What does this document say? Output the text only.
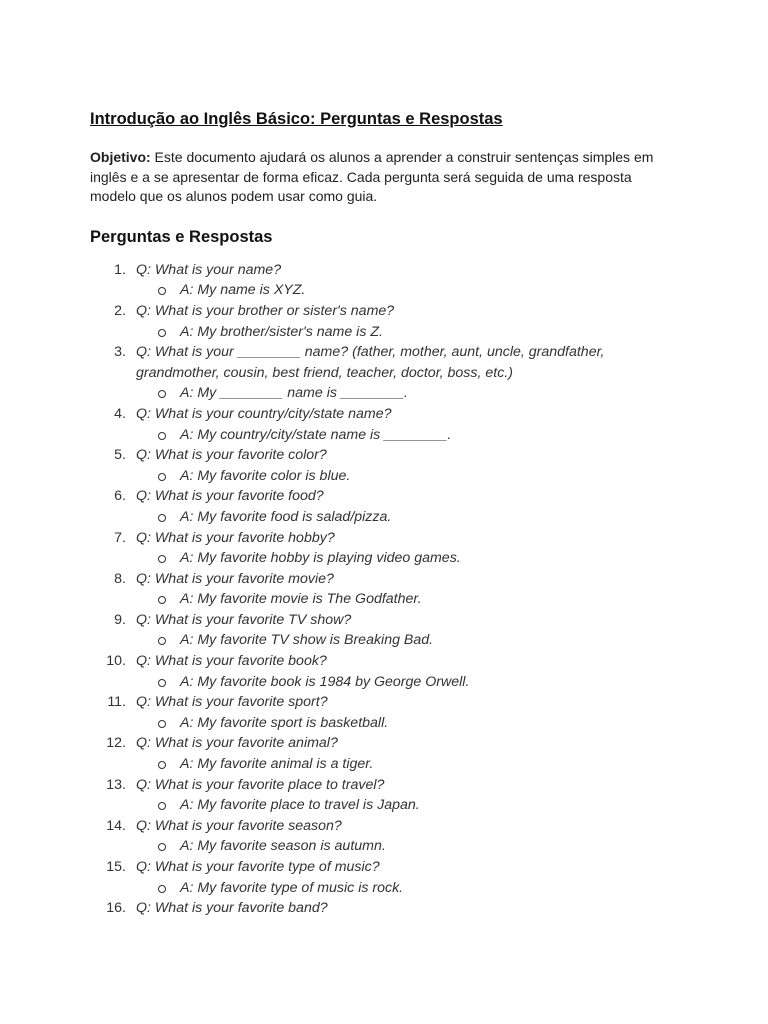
Introdução ao Inglês Básico: Perguntas e Respostas

Objetivo: Este documento ajudará os alunos a aprender a construir sentenças simples em inglês e a se apresentar de forma eficaz. Cada pergunta será seguida de uma resposta modelo que os alunos podem usar como guia.

Perguntas e Respostas
1. Q: What is your name?
A: My name is XYZ.
2. Q: What is your brother or sister's name?
A: My brother/sister's name is Z.
3. Q: What is your ________ name? (father, mother, aunt, uncle, grandfather, grandmother, cousin, best friend, teacher, doctor, boss, etc.)
A: My ________ name is ________.
4. Q: What is your country/city/state name?
A: My country/city/state name is ________.
5. Q: What is your favorite color?
A: My favorite color is blue.
6. Q: What is your favorite food?
A: My favorite food is salad/pizza.
7. Q: What is your favorite hobby?
A: My favorite hobby is playing video games.
8. Q: What is your favorite movie?
A: My favorite movie is The Godfather.
9. Q: What is your favorite TV show?
A: My favorite TV show is Breaking Bad.
10. Q: What is your favorite book?
A: My favorite book is 1984 by George Orwell.
11. Q: What is your favorite sport?
A: My favorite sport is basketball.
12. Q: What is your favorite animal?
A: My favorite animal is a tiger.
13. Q: What is your favorite place to travel?
A: My favorite place to travel is Japan.
14. Q: What is your favorite season?
A: My favorite season is autumn.
15. Q: What is your favorite type of music?
A: My favorite type of music is rock.
16. Q: What is your favorite band?
